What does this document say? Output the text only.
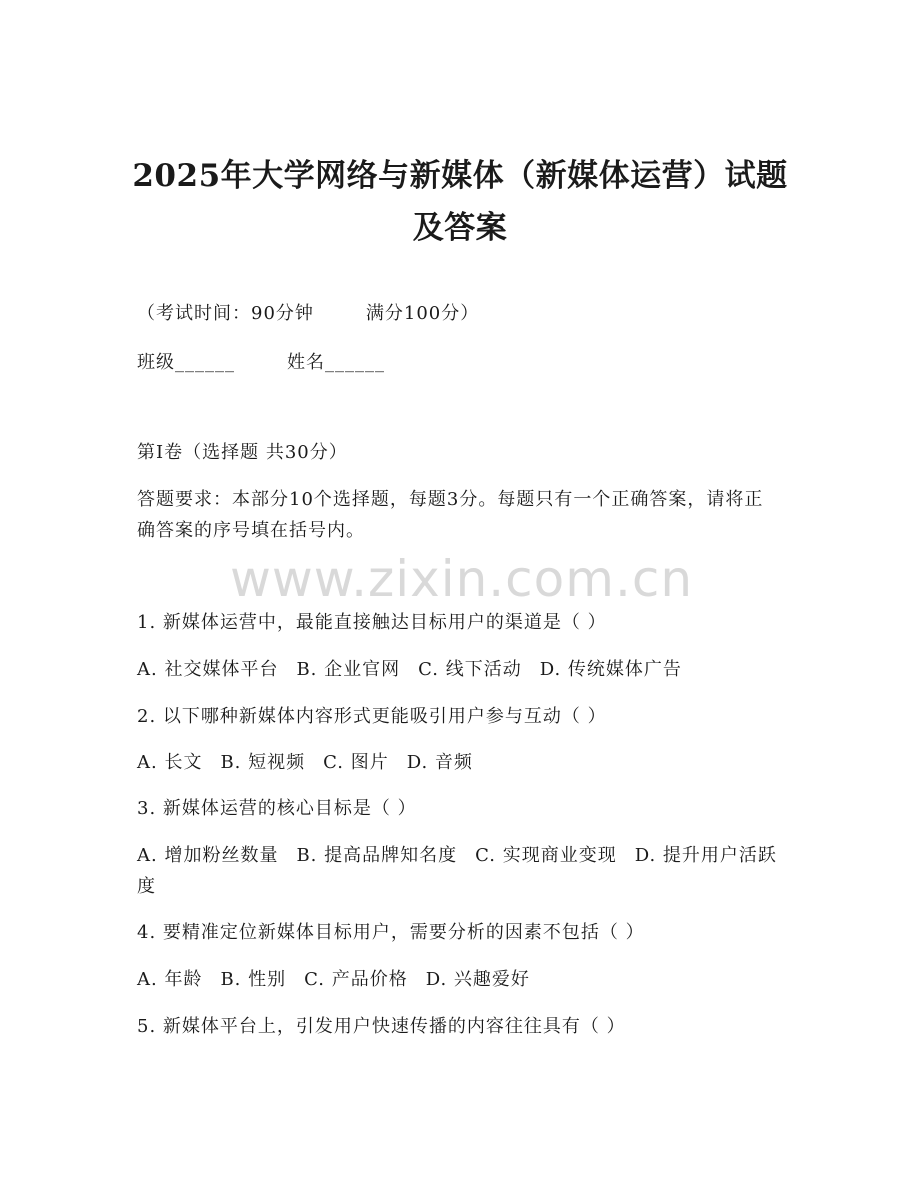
2025年大学网络与新媒体（新媒体运营）试题及答案
（考试时间：90分钟	满分100分）
班级______	姓名______
第I卷（选择题 共30分）
答题要求：本部分10个选择题，每题3分。每题只有一个正确答案，请将正确答案的序号填在括号内。
www.zixin.com.cn
1. 新媒体运营中，最能直接触达目标用户的渠道是（ ）
A. 社交媒体平台 B. 企业官网 C. 线下活动 D. 传统媒体广告
2. 以下哪种新媒体内容形式更能吸引用户参与互动（ ）
A. 长文 B. 短视频 C. 图片 D. 音频
3. 新媒体运营的核心目标是（ ）
A. 增加粉丝数量 B. 提高品牌知名度 C. 实现商业变现 D. 提升用户活跃度
4. 要精准定位新媒体目标用户，需要分析的因素不包括（ ）
A. 年龄 B. 性别 C. 产品价格 D. 兴趣爱好
5. 新媒体平台上，引发用户快速传播的内容往往具有（ ）
